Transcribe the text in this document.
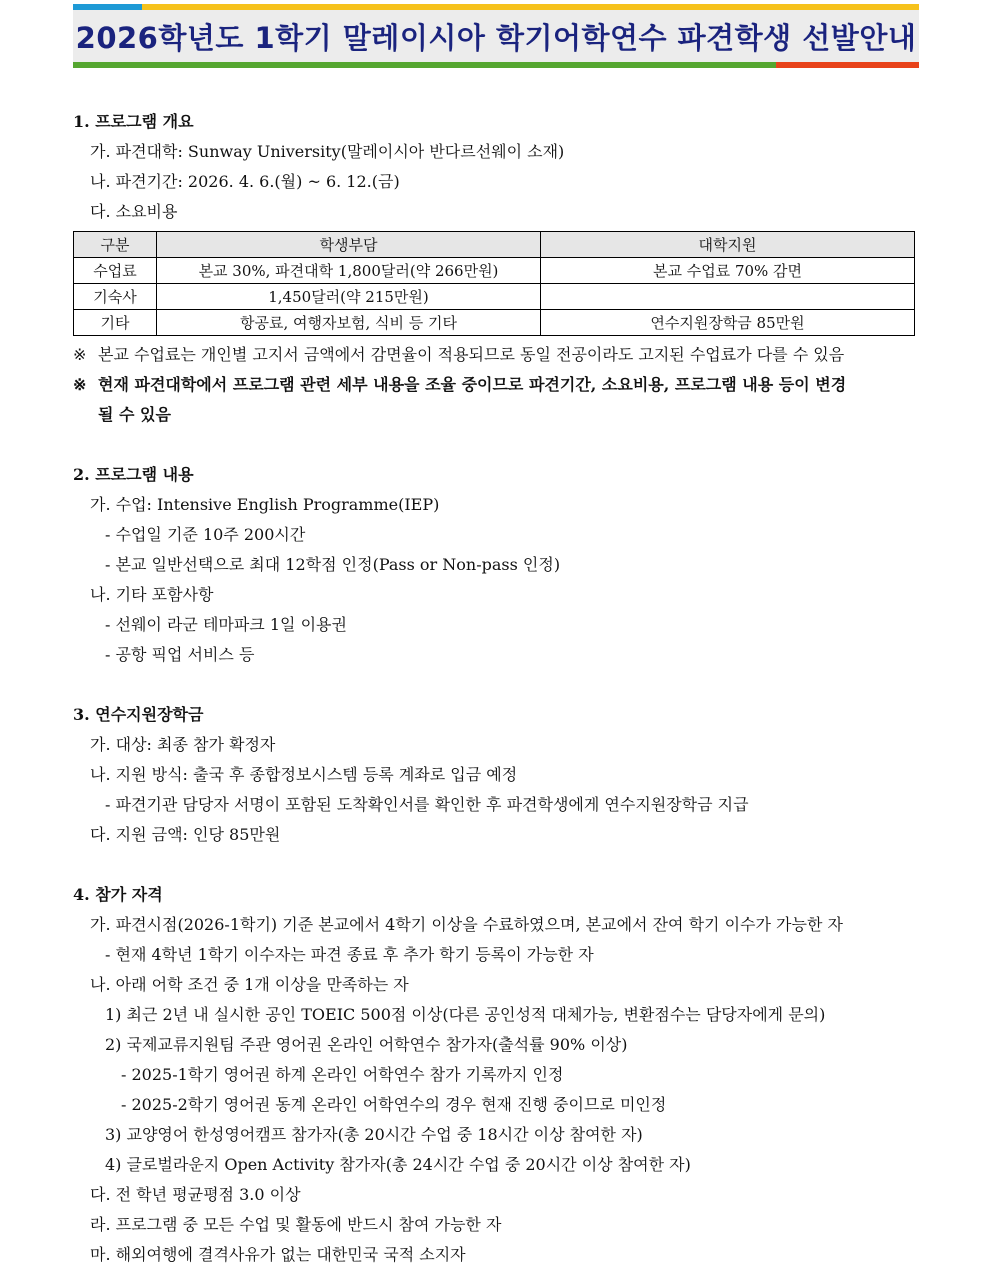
2026학년도 1학기 말레이시아 학기어학연수 파견학생 선발안내
1. 프로그램 개요
가. 파견대학: Sunway University(말레이시아 반다르선웨이 소재)
나. 파견기간: 2026. 4. 6.(월) ~ 6. 12.(금)
다. 소요비용
구분	학생부담	대학지원
수업료	본교 30%, 파견대학 1,800달러(약 266만원)	본교 수업료 70% 감면
기숙사	1,450달러(약 215만원)	
기타	항공료, 여행자보험, 식비 등 기타	연수지원장학금 85만원
※ 본교 수업료는 개인별 고지서 금액에서 감면율이 적용되므로 동일 전공이라도 고지된 수업료가 다를 수 있음
※ 현재 파견대학에서 프로그램 관련 세부 내용을 조율 중이므로 파견기간, 소요비용, 프로그램 내용 등이 변경
될 수 있음
2. 프로그램 내용
가. 수업: Intensive English Programme(IEP)
- 수업일 기준 10주 200시간
- 본교 일반선택으로 최대 12학점 인정(Pass or Non-pass 인정)
나. 기타 포함사항
- 선웨이 라군 테마파크 1일 이용권
- 공항 픽업 서비스 등
3. 연수지원장학금
가. 대상: 최종 참가 확정자
나. 지원 방식: 출국 후 종합정보시스템 등록 계좌로 입금 예정
- 파견기관 담당자 서명이 포함된 도착확인서를 확인한 후 파견학생에게 연수지원장학금 지급
다. 지원 금액: 인당 85만원
4. 참가 자격
가. 파견시점(2026-1학기) 기준 본교에서 4학기 이상을 수료하였으며, 본교에서 잔여 학기 이수가 가능한 자
- 현재 4학년 1학기 이수자는 파견 종료 후 추가 학기 등록이 가능한 자
나. 아래 어학 조건 중 1개 이상을 만족하는 자
1) 최근 2년 내 실시한 공인 TOEIC 500점 이상(다른 공인성적 대체가능, 변환점수는 담당자에게 문의)
2) 국제교류지원팀 주관 영어권 온라인 어학연수 참가자(출석률 90% 이상)
- 2025-1학기 영어권 하계 온라인 어학연수 참가 기록까지 인정
- 2025-2학기 영어권 동계 온라인 어학연수의 경우 현재 진행 중이므로 미인정
3) 교양영어 한성영어캠프 참가자(총 20시간 수업 중 18시간 이상 참여한 자)
4) 글로벌라운지 Open Activity 참가자(총 24시간 수업 중 20시간 이상 참여한 자)
다. 전 학년 평균평점 3.0 이상
라. 프로그램 중 모든 수업 및 활동에 반드시 참여 가능한 자
마. 해외여행에 결격사유가 없는 대한민국 국적 소지자
